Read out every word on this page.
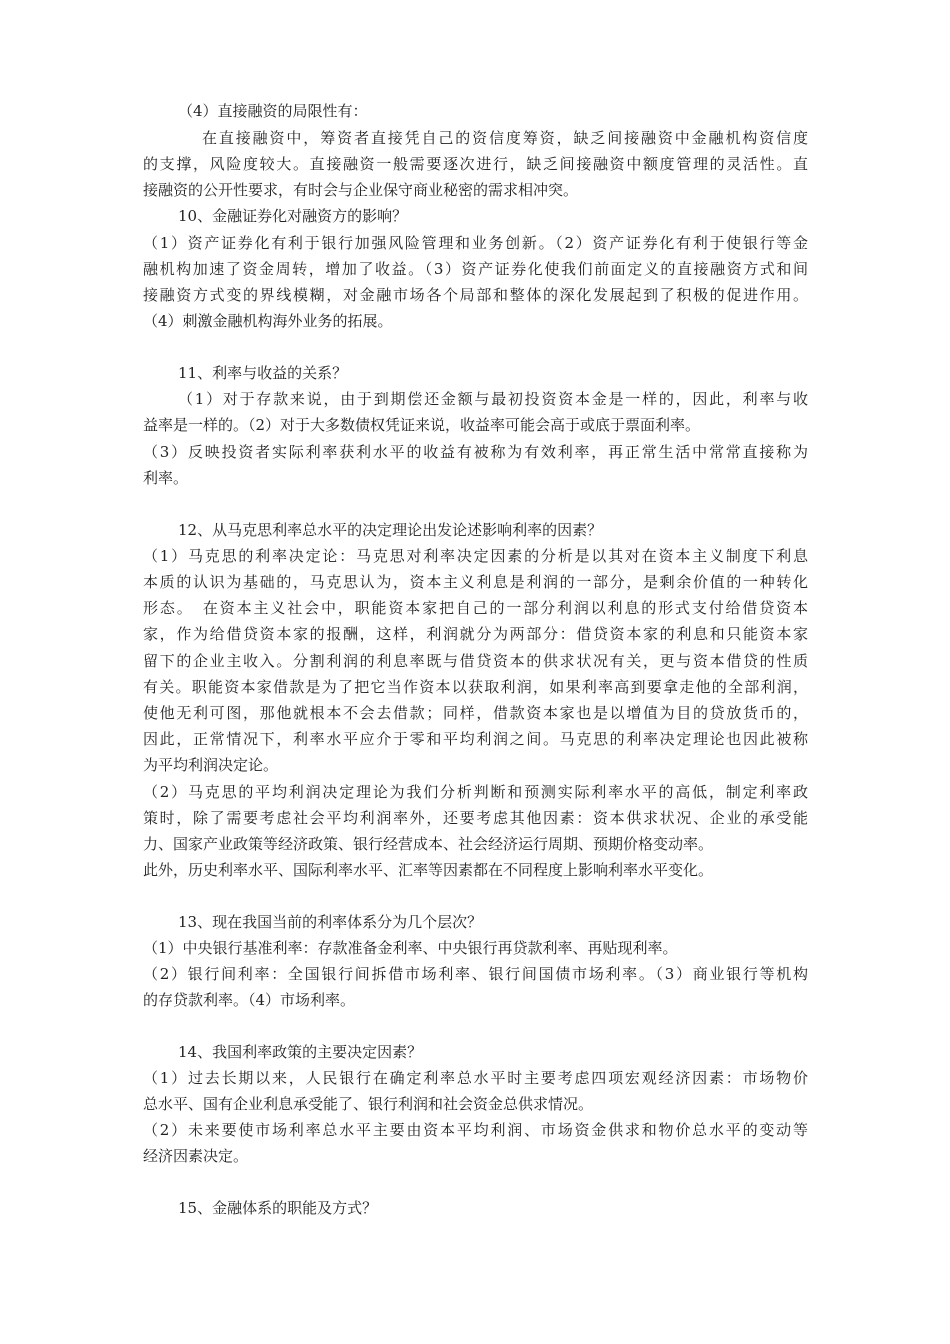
（4）直接融资的局限性有：
在直接融资中，筹资者直接凭自己的资信度筹资，缺乏间接融资中金融机构资信度
的支撑，风险度较大。直接融资一般需要逐次进行，缺乏间接融资中额度管理的灵活性。直
接融资的公开性要求，有时会与企业保守商业秘密的需求相冲突。
10、金融证券化对融资方的影响？
（1）资产证券化有利于银行加强风险管理和业务创新。（2）资产证券化有利于使银行等金
融机构加速了资金周转，增加了收益。（3）资产证券化使我们前面定义的直接融资方式和间
接融资方式变的界线模糊，对金融市场各个局部和整体的深化发展起到了积极的促进作用。
（4）刺激金融机构海外业务的拓展。
11、利率与收益的关系？
（1）对于存款来说，由于到期偿还金额与最初投资资本金是一样的，因此，利率与收
益率是一样的。（2）对于大多数债权凭证来说，收益率可能会高于或底于票面利率。
（3）反映投资者实际利率获利水平的收益有被称为有效利率，再正常生活中常常直接称为
利率。
12、从马克思利率总水平的决定理论出发论述影响利率的因素？
（1）马克思的利率决定论：马克思对利率决定因素的分析是以其对在资本主义制度下利息
本质的认识为基础的，马克思认为，资本主义利息是利润的一部分，是剩余价值的一种转化
形态。　在资本主义社会中，职能资本家把自己的一部分利润以利息的形式支付给借贷资本
家，作为给借贷资本家的报酬，这样，利润就分为两部分：借贷资本家的利息和只能资本家
留下的企业主收入。分割利润的利息率既与借贷资本的供求状况有关，更与资本借贷的性质
有关。职能资本家借款是为了把它当作资本以获取利润，如果利率高到要拿走他的全部利润，
使他无利可图，那他就根本不会去借款；同样，借款资本家也是以增值为目的贷放货币的，
因此，正常情况下，利率水平应介于零和平均利润之间。马克思的利率决定理论也因此被称
为平均利润决定论。
（2）马克思的平均利润决定理论为我们分析判断和预测实际利率水平的高低，制定利率政
策时，除了需要考虑社会平均利润率外，还要考虑其他因素：资本供求状况、企业的承受能
力、国家产业政策等经济政策、银行经营成本、社会经济运行周期、预期价格变动率。
此外，历史利率水平、国际利率水平、汇率等因素都在不同程度上影响利率水平变化。
13、现在我国当前的利率体系分为几个层次？
（1）中央银行基准利率：存款准备金利率、中央银行再贷款利率、再贴现利率。
（2）银行间利率：全国银行间拆借市场利率、银行间国债市场利率。（3）商业银行等机构
的存贷款利率。（4）市场利率。
14、我国利率政策的主要决定因素？
（1）过去长期以来，人民银行在确定利率总水平时主要考虑四项宏观经济因素：市场物价
总水平、国有企业利息承受能了、银行利润和社会资金总供求情况。
（2）未来要使市场利率总水平主要由资本平均利润、市场资金供求和物价总水平的变动等
经济因素决定。
15、金融体系的职能及方式？
